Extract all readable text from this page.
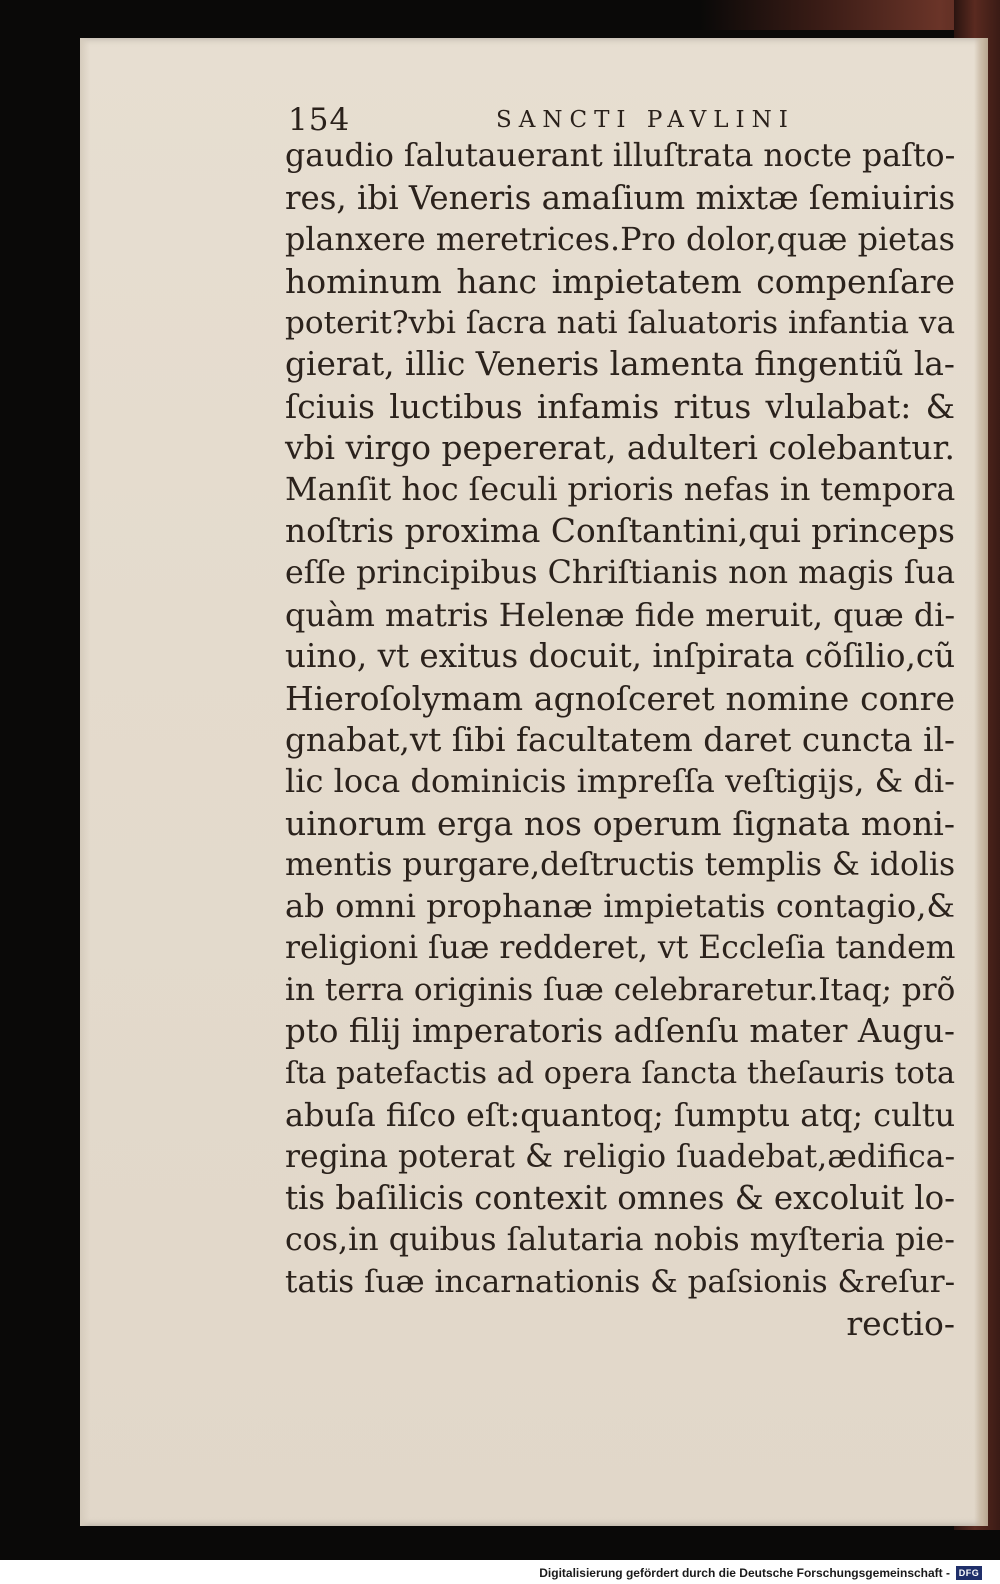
154	SANCTI PAVLINI
gaudio ſalutauerant illuſtrata nocte paſto-
res, ibi Veneris amaſium mixtæ ſemiuiris
planxere meretrices.Pro dolor,quæ pietas
hominum hanc impietatem compenſare
poterit?vbi ſacra nati ſaluatoris infantia va
gierat, illic Veneris lamenta fingentiũ la-
ſciuis luctibus infamis ritus vlulabat: &
vbi virgo pepererat, adulteri colebantur.
Manſit hoc ſeculi prioris nefas in tempora
noſtris proxima Conſtantini,qui princeps
eſſe principibus Chriſtianis non magis ſua
quàm matris Helenæ fide meruit, quæ di-
uino, vt exitus docuit, inſpirata cõſilio,cũ
Hieroſolymam agnoſceret nomine conre
gnabat,vt ſibi facultatem daret cuncta il-
lic loca dominicis impreſſa veſtigijs, & di-
uinorum erga nos operum ſignata moni-
mentis purgare,deſtructis templis & idolis
ab omni prophanæ impietatis contagio,&
religioni ſuæ redderet, vt Eccleſia tandem
in terra originis ſuæ celebraretur.Itaq; prõ
pto filij imperatoris adſenſu mater Augu-
ſta patefactis ad opera ſancta theſauris tota
abuſa fiſco eſt:quantoq; ſumptu atq; cultu
regina poterat & religio ſuadebat,ædifica-
tis baſilicis contexit omnes & excoluit lo-
cos,in quibus ſalutaria nobis myſteria pie-
tatis ſuæ incarnationis & paſsionis &reſur-
rectio-
Digitalisierung gefördert durch die Deutsche Forschungsgemeinschaft - DFG
